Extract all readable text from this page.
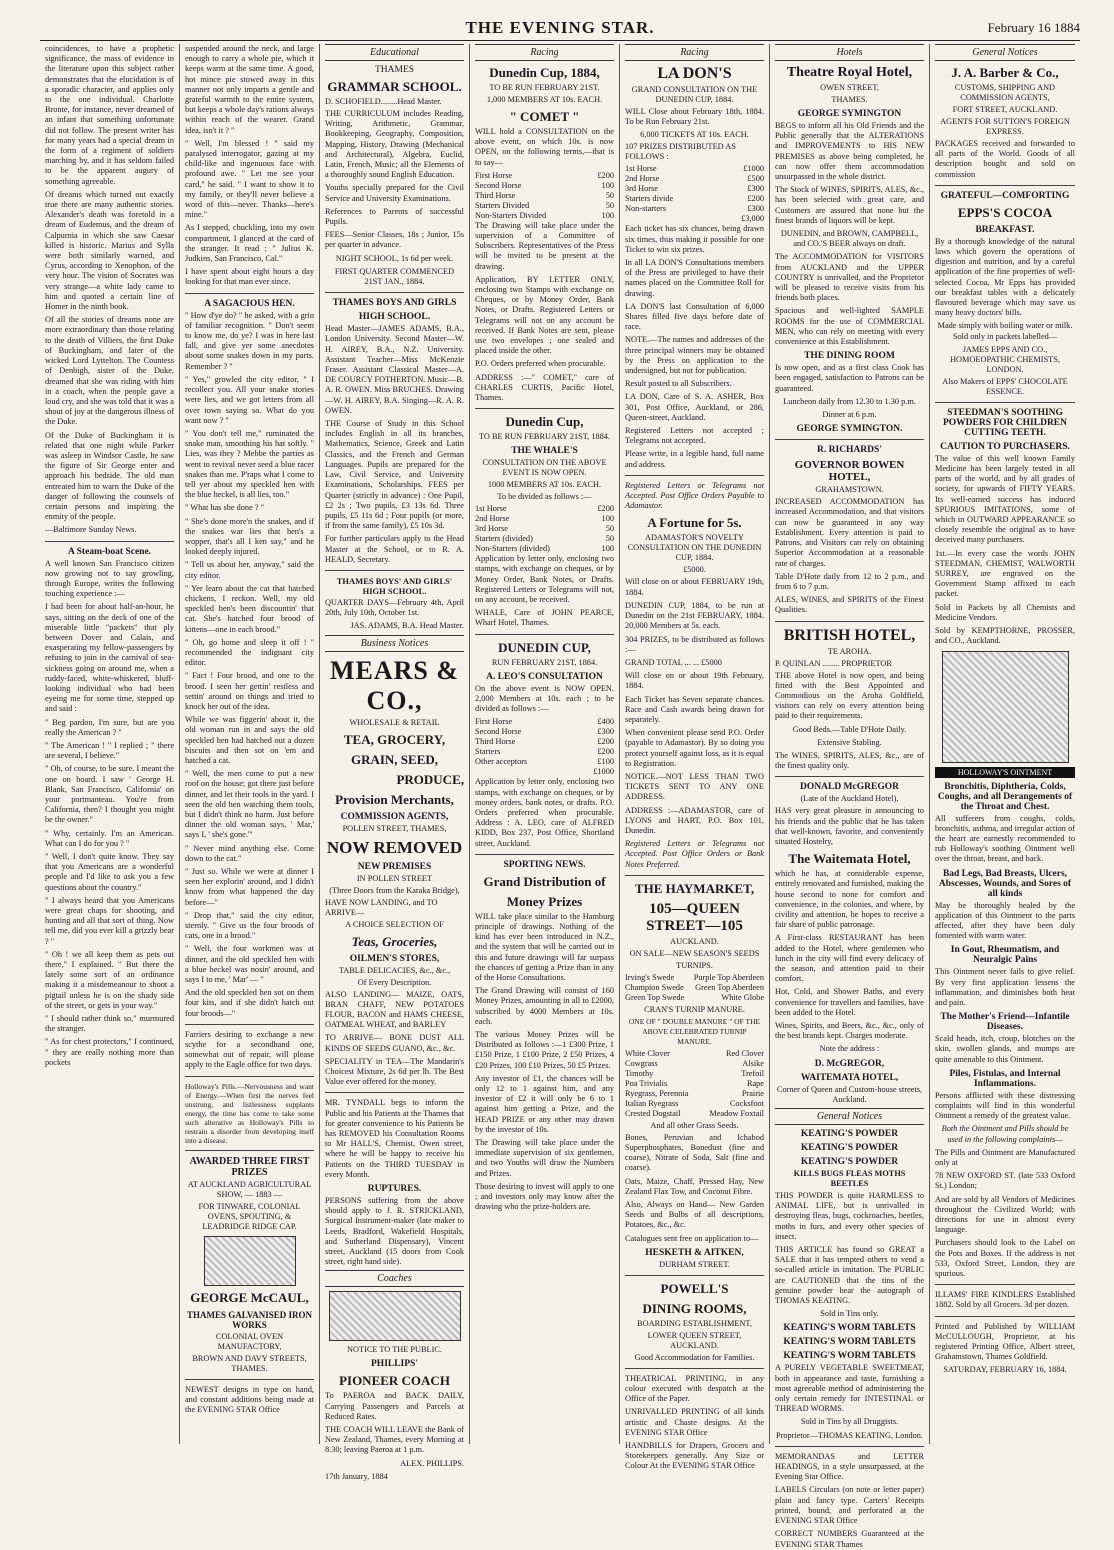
THE EVENING STAR.	February 16 1884

coincidences, to have a prophetic significance, the mass of evidence in the literature upon this subject rather demonstrates that the elucidation is of a sporadic character, and applies only to the one individual. Charlotte Bronte, for instance, never dreamed of an infant that something unfortunate did not follow. The present writer has for many years had a special dream in the form of a regiment of soldiers marching by, and it has seldom failed to be the apparent augury of something agreeable.

Of dreams which turned out exactly true there are many authentic stories. Alexander's death was foretold in a dream of Eudemus, and the dream of Calpurnia in which she saw Caesar killed is historic. Marius and Sylla were both similarly warned, and Cyrus, according to Xenophon, of the very hour. The vision of Socrates was very strange—a white lady came to him and quoted a certain line of Homer in the ninth book.

Of all the stories of dreams none are more extraordinary than those relating to the death of Villiers, the first Duke of Buckingham, and later of the wicked Lord Lyttelton. The Countess of Denbigh, sister of the Duke, dreamed that she was riding with him in a coach, when the people gave a loud cry, and she was told that it was a shout of joy at the dangerous illness of the Duke.

Of the Duke of Buckingham it is related that one night while Parker was asleep in Windsor Castle, he saw the figure of Sir George enter and approach his bedside. The old man entreated him to warn the Duke of the danger of following the counsels of certain persons and inspiring the enmity of the people.

—Baltimore Sunday News.

A Steam-boat Scene.

A well known San Francisco citizen now growing not to say growling, through Europe, writes the following touching experience :—

I had been for about half-an-hour, he says, sitting on the deck of one of the miserable little "packets" that ply between Dover and Calais, and exasperating my fellow-passengers by refusing to join in the carnival of sea-sickness going on around me, when a ruddy-faced, white-whiskered, bluff-looking individual who had been eyeing me for some time, stepped up and said :

" Beg pardon, I'm sure, but are you really the American ? "

" The American ! " I replied ; " there are several, I believe."

" Oh, of course, to be sure. I meant the one on board. I saw ' George H. Blank, San Francisco, California' on your portmanteau. You're from California, then? I thought you might be the owner."

" Why, certainly. I'm an American. What can I do for you ? "

" Well, I don't quite know. They say that you Americans are a wonderful people and I'd like to ask you a few questions about the country."

" I always heard that you Americans were great chaps for shooting, and hunting and all that sort of thing. Now tell me, did you ever kill a grizzly bear ? "

" Oh ! we all keep them as pets out there," I explained. " But there the lately some sort of an ordinance making it a misdemeanour to shoot a pigtail unless he is on the shady side of the street, or gets in your way."

" I should rather think so," murmured the stranger.

" As for chest protectors," I continued, " they are really nothing more than pockets

suspended around the neck, and large enough to carry a whole pie, which it keeps warm at the same time. A good, hot mince pie stowed away in this manner not only imparts a gentle and grateful warmth to the entire system, but keeps a whole day's rations always within reach of the wearer. Grand idea, isn't it ? "

" Well, I'm blessed ! " said my paralysed interrogator, gazing at my child-like and ingenuous face with profound awe. " Let me see your card," he said. " I want to show it to my family, or they'll never believe a word of this—never. Thanks—here's mine."

As I stepped, chuckling, into my own compartment, I glanced at the card of the stranger. It read : " Julius K. Judkins, San Francisco, Cal."

I have spent about eight hours a day looking for that man ever since.

A SAGACIOUS HEN.

" How d'ye do? " he asked, with a grin of familiar recognition. " Don't seem to know me, do ye? I was in here last fall, and give yer some anecdotes about some snakes down in my parts. Remember ? "

" Yes," growled the city editor, " I recollect you. All your snake stories were lies, and we got letters from all over town saying so. What do you want now ? "

" You don't tell me," ruminated the snake man, smoothing his hat softly. " Lies, was they ? Mebbe the parties as went to revival never seed a blue racer snakes than me. P'raps what I come to tell yer about my speckled hen with the blue heckel, is all lies, too."

" What has she done ? "

" She's done more'n the snakes, and if the snakes war lies that hen's a wopper, that's all I ken say," and he looked deeply injured.

" Tell us about her, anyway," said the city editor.

" Yer learn about the cat that hatched chickens, I reckon. Well, my old speckled hen's been discountin' that cat. She's hatched four brood of kittens—one in each brood."

" Oh, go home and sleep it off ! " recommended the indignant city editor.

" Fact ! Four brood, and one to the brood. I seen her gettin' restless and settin' around on things and tried to knock her out of the idea.

While we was figgerin' about it, the old woman run in and says the old speckled hen had hatched out a dozen biscuits and then sot on 'em and hatched a cat.

" Well, the men come to put a new roof on the house; got there just before dinner, and let their tools in the yard. I seen the old hen watching them tools, but I didn't think no harm. Just before dinner the old woman says, ' Mar,' says I, ' she's gone.'"

" Never mind anything else. Come down to the cat."

" Just so. While we were at dinner I seen her explorin' around, and I didn't know from what happened the day before—"

" Drop that," said the city editor, sternly. " Give us the four broods of cats, one in a brood."

" Well, the four workmen was at dinner, and the old speckled hen with a blue heckel was nosin' around, and says I to me, ' Mar' — "

And the old speckled hen sot on them four kits, and if she didn't hatch out four broods—"

Farriers desiring to exchange a new scythe for a secondhand one, somewhat out of repair, will please apply to the Eagle office for two days.

Holloway's Pills.—Nervousness and want of Energy.—When first the nerves feel unstrung, and listlessness supplants energy, the time has come to take some such alterative as Holloway's Pills to restrain a disorder from developing itself into a disease.

AWARDED THREE FIRST PRIZES
AT AUCKLAND AGRICULTURAL SHOW, — 1883 —
FOR TINWARE, COLONIAL OVENS, SPOUTING, & LEADRIDGE RIDGE CAP.
GEORGE McCAUL,
THAMES GALVANISED IRON WORKS
COLONIAL OVEN MANUFACTORY,
BROWN AND DAVY STREETS, THAMES.

NEWEST designs in type on hand, and constant additions being made at the EVENING STAR Office

Educational
THAMES
GRAMMAR SCHOOL.
D. SCHOFIELD........Head Master.

THE CURRICULUM includes Reading, Writing, Arithmetic, Grammar, Bookkeeping, Geography, Composition, Mapping, History, Drawing (Mechanical and Architectural), Algebra, Euclid, Latin, French, Music; all the Elements of a thoroughly sound English Education.

Youths specially prepared for the Civil Service and University Examinations.

References to Parents of successful Pupils.

FEES—Senior Classes, 18s ; Junior, 15s per quarter in advance.

NIGHT SCHOOL, 1s 6d per week.

FIRST QUARTER COMMENCED 21ST JAN., 1884.

THAMES BOYS AND GIRLS
HIGH SCHOOL.

Head Master—JAMES ADAMS, B.A., London University. Second Master—W. H. AIREY, B.A., N.Z. University. Assistant Teacher—Miss McKenzie Fraser. Assistant Classical Master—A. DE COURCY FOTHERTON. Music—B. A. R. OWEN. Miss BRUCHES. Drawing—W. H. AIREY, B.A. Singing—R. A. R. OWEN.

THE Course of Study in this School includes English in all its branches, Mathematics, Science, Greek and Latin Classics, and the French and German Languages. Pupils are prepared for the Law, Civil Service, and University Examinations, Scholarships. FEES per Quarter (strictly in advance) : One Pupil, £2 2s ; Two pupils, £3 13s 6d. Three pupils, £5 11s 6d ; Four pupils (or more, if from the same family), £5 10s 3d.

For further particulars apply to the Head Master at the School, or to R. A. HEALD, Secretary.

THAMES BOYS' AND GIRLS' HIGH SCHOOL.

QUARTER DAYS—February 4th, April 20th, July 10th, October 1st.

JAS. ADAMS, B.A. Head Master.

Business Notices
MEARS & CO.,
WHOLESALE & RETAIL
TEA, GROCERY,
GRAIN, SEED,
PRODUCE,
Provision Merchants,
COMMISSION AGENTS,
POLLEN STREET, THAMES,
NOW REMOVED
NEW PREMISES
IN POLLEN STREET
(Three Doors from the Karaka Bridge),
HAVE NOW LANDING, and TO ARRIVE—
A CHOICE SELECTION OF
Teas, Groceries,
OILMEN'S STORES,
TABLE DELICACIES, &c., &c.,
Of Every Description.

ALSO LANDING— MAIZE, OATS, BRAN CHAFF, NEW POTATOES FLOUR, BACON and HAMS CHEESE, OATMEAL WHEAT, and BARLEY

TO ARRIVE— BONE DUST ALL KINDS OF SEEDS GUANO, &c., &c.

SPECIALITY in TEA—The Mandarin's Choicest Mixture, 2s 6d per lb. The Best Value ever offered for the money.

MR. TYNDALL begs to inform the Public and his Patients at the Thames that for greater convenience to his Patients he has REMOVED his Consultation Rooms to Mr HALL'S, Chemist, Owen street, where he will be happy to receive his Patients on the THIRD TUESDAY in every Month.

RUPTURES.

PERSONS suffering from the above should apply to J. R. STRICKLAND, Surgical Instrument-maker (late maker to Leeds, Bradford, Wakefield Hospitals, and Sutherland Dispensary), Vincent street, Auckland (15 doors from Cook street, right hand side).

Coaches
NOTICE TO THE PUBLIC.
PHILLIPS'
PIONEER COACH

To PAEROA and BACK DAILY, Carrying Passengers and Parcels at Reduced Rates.

THE COACH WILL LEAVE the Bank of New Zealand, Thames, every Morning at 8.30; leaving Paeroa at 1 p.m.

ALEX. PHILLIPS.

17th January, 1884

Racing
Dunedin Cup, 1884,
TO BE RUN FEBRUARY 21ST.
1,000 MEMBERS AT 10s. EACH.
" COMET "

WILL hold a CONSULTATION on the above event, on which 10s. is now OPEN, on the following terms,—that is to say—

First Horse	£200
Second Horse	100
Third Horse	50
Starters Divided	50
Non-Starters Divided	100

The Drawing will take place under the supervision of a Committee of Subscribers. Representatives of the Press will be invited to be present at the drawing.

Application, BY LETTER ONLY, enclosing two Stamps with exchange on Cheques, or by Money Order, Bank Notes, or Drafts. Registered Letters or Telegrams will not on any account be received. If Bank Notes are sent, please use two envelopes ; one sealed and placed inside the other.

P.O. Orders preferred when procurable.

ADDRESS :—" COMET," care of CHARLES CURTIS, Pacific Hotel, Thames.

Dunedin Cup,
TO BE RUN FEBRUARY 21ST, 1884.
THE WHALE'S
CONSULTATION ON THE ABOVE EVENT IS NOW OPEN.
1000 MEMBERS AT 10s. EACH.
To be divided as follows :—
1st Horse	£200
2nd Horse	100
3rd Horse	50
Starters (divided)	50
Non-Starters (divided)	100

Application by letter only, enclosing two stamps, with exchange on cheques, or by Money Order, Bank Notes, or Drafts. Registered Letters or Telegrams will not, on any account, be received.

WHALE, Care of JOHN PEARCE, Wharf Hotel, Thames.

DUNEDIN CUP,
RUN FEBRUARY 21ST, 1884.
A. LEO'S CONSULTATION

On the above event is NOW OPEN. 2,000 Members at 10s. each ; to be divided as follows :—

First Horse	£400
Second Horse	£300
Third Horse	£200
Starters	£200
Other acceptors	£100
£1000

Application by letter only, enclosing two stamps, with exchange on cheques, or by money orders, bank notes, or drafts. P.O. Orders preferred when procurable. Address : A. LEO, care of ALFRED KIDD, Box 237, Post Office, Shortland street, Auckland.

SPORTING NEWS.
Grand Distribution of
Money Prizes

WILL take place similar to the Hamburg principle of drawings. Nothing of the kind has ever been introduced in N.Z., and the system that will be carried out in this and future drawings will far surpass the chances of getting a Prize than in any of the Horse Consultations.

The Grand Drawing will consist of 160 Money Prizes, amounting in all to £2000, subscribed by 4000 Members at 10s. each.

The various Money Prizes will be Distributed as follows :—1 £300 Prize, 1 £150 Prize, 1 £100 Prize, 2 £50 Prizes, 4 £20 Prizes, 100 £10 Prizes, 50 £5 Prizes.

Any investor of £1, the chances will be only 12 to 1 against him, and any investor of £2 it will only be 6 to 1 against him getting a Prize, and the HEAD PRIZE or any other may drawn by the investor of 10s.

The Drawing will take place under the immediate supervision of six gentlemen, and two Youths will draw the Numbers and Prizes.

Those desiring to invest will apply to one ; and investors only may know after the drawing who the prize-holders are.

Racing
LA DON'S
GRAND CONSULTATION ON THE DUNEDIN CUP, 1884.

WILL Close about February 18th, 1884. To be Run February 21st.

6,000 TICKETS AT 10s. EACH.
107 PRIZES DISTRIBUTED AS FOLLOWS :
1st Horse	£1000
2nd Horse	£500
3rd Horse	£300
Starters divide	£200
Non-starters	£300
£3,000

Each ticket has six chances, being drawn six times, thus making it possible for one Ticket to win six prizes.

In all LA DON'S Consultations members of the Press are privileged to have their names placed on the Committee Roll for drawing.

LA DON'S last Consultation of 6,000 Shares filled five days before date of race.

NOTE.—The names and addresses of the three principal winners may be obtained by the Press on application to the undersigned, but not for publication.

Result posted to all Subscribers.

LA DON, Care of S. A. ASHER, Box 301, Post Office, Auckland, or 286, Queen-street, Auckland.

Registered Letters not accepted ; Telegrams not accepted.

Please write, in a legible hand, full name and address.

Registered Letters or Telegrams not Accepted. Post Office Orders Payable to Adamastor.

A Fortune for 5s.
ADAMASTOR'S NOVELTY CONSULTATION ON THE DUNEDIN CUP, 1884.
£5000.

Will close on or about FEBRUARY 19th, 1884.

DUNEDIN CUP, 1884, to be run at Dunedin on the 21st FEBRUARY, 1884. 20,000 Members at 5s. each.

304 PRIZES, to be distributed as follows :—

GRAND TOTAL ... ... £5000

Will close on or about 19th February, 1884.

Each Ticket has Seven separate chances. Race and Cash awards being drawn for separately.

When convenient please send P.O. Order (payable to Adamastor). By so doing you protect yourself against loss, as it is equal to Registration.

NOTICE.—NOT LESS THAN TWO TICKETS SENT TO ANY ONE ADDRESS.

ADDRESS :—ADAMASTOR, care of LYONS and HART, P.O. Box 101, Dunedin.

Registered Letters or Telegrams not Accepted. Post Office Orders or Bank Notes Preferred.

THE HAYMARKET,
105—QUEEN STREET—105
AUCKLAND.
ON SALE—NEW SEASON'S SEEDS
TURNIPS.
Irving's Swede Purple Top Aberdeen
Champion Swede Green Top Aberdeen
Green Top Swede	White Globe
CRAN'S TURNIP MANURE.
ONE OF " DOUBLE MANURE " OF THE ABOVE CELEBRATED TURNIP MANURE.
White Clover	Red Clover
Cowgrass	Alsike
Timothy	Trefoil
Poa Trivialis	Rape
Ryegrass, Perennia	Prairie
Italian Ryegrass	Cocksfoot
Crested Dogstail	Meadow Foxtail
And all other Grass Seeds.

Bones, Peruvian and Ichabod Superphosphates, Bonedust (fine and coarse), Nitrate of Soda, Salt (fine and coarse).

Oats, Maize, Chaff, Pressed Hay, New Zealand Flax Tow, and Coconut Fibre.

Also, Always on Hand— New Garden Seeds and Bulbs of all descriptions, Potatoes, &c., &c.

Catalogues sent free on application to—

HESKETH & AITKEN,
DURHAM STREET.
POWELL'S
DINING ROOMS,
BOARDING ESTABLISHMENT,
LOWER QUEEN STREET, AUCKLAND.
Good Accommodation for Families.

THEATRICAL PRINTING, in any colour executed with despatch at the Office of the Paper.

UNRIVALLED PRINTING of all kinds artistic and Chaste designs. At the EVENING STAR Office

HANDBILLS for Drapers, Grocers and Storekeepers generally. Any Size or Colour At the EVENING STAR Office

Hotels
Theatre Royal Hotel,
OWEN STREET,
THAMES.
GEORGE SYMINGTON

BEGS to inform all his Old Friends and the Public generally that the ALTERATIONS and IMPROVEMENTS to HIS NEW PREMISES as above being completed, he can now offer them accommodation unsurpassed in the whole district.

The Stock of WINES, SPIRITS, ALES, &c., has been selected with great care, and Customers are assured that none but the finest brands of liquors will be kept.

DUNEDIN, and BROWN, CAMPBELL, and CO.'S BEER always on draft.

The ACCOMMODATION for VISITORS from AUCKLAND and the UPPER COUNTRY is unrivalled, and the Proprietor will be pleased to receive visits from his friends both places.

Spacious and well-lighted SAMPLE ROOMS for the use of COMMERCIAL MEN, who can rely on meeting with every convenience at this Establishment.

THE DINING ROOM

Is now open, and as a first class Cook has been engaged, satisfaction to Patrons can be guaranteed.

Luncheon daily from 12.30 to 1.30 p.m.

Dinner at 6 p.m.

GEORGE SYMINGTON.
R. RICHARDS'
GOVERNOR BOWEN HOTEL,
GRAHAMSTOWN.

INCREASED ACCOMMODATION has increased Accommodation, and that visitors can now be guaranteed in any way Establishment. Every attention is paid to Patrons, and Visitors can rely on obtaining Superior Accommodation at a reasonable rate of charges.

Table D'Hote daily from 12 to 2 p.m., and from 6 to 7 p.m.

ALES, WINES, and SPIRITS of the Finest Qualities.

BRITISH HOTEL,
TE AROHA.
P. QUINLAN ........ PROPRIETOR

THE above Hotel is now open, and being fitted with the Best Appointed and Commodious on the Aroha Goldfield, visitors can rely on every attention being paid to their requirements.

Good Beds.—Table D'Hote Daily.

Extensive Stabling.

The WINES, SPIRITS, ALES, &c., are of the finest quality only.

DONALD McGREGOR
(Late of the Auckland Hotel),

HAS very great pleasure in announcing to his friends and the public that he has taken that well-known, favorite, and conveniently situated Hostelry,

The Waitemata Hotel,

which he has, at considerable expense, entirely renovated and furnished, making the house second to none for comfort and convenience, in the colonies, and where, by civility and attention, he hopes to receive a fair share of public patronage.

A First-class RESTAURANT has been added to the Hotel, where gentlemen who lunch in the city will find every delicacy of the season, and attention paid to their comfort.

Hot, Cold, and Shower Baths, and every convenience for travellers and families, have been added to the Hotel.

Wines, Spirits, and Beers, &c., &c., only of the best brands kept. Charges moderate.

Note the address :

D. McGREGOR,
WAITEMATA HOTEL,

Corner of Queen and Custom-house streets, Auckland.

General Notices
KEATING'S POWDER
KEATING'S POWDER
KEATING'S POWDER
KILLS BUGS FLEAS MOTHS BEETLES

THIS POWDER is quite HARMLESS to ANIMAL LIFE, but is unrivalled in destroying fleas, bugs, cockroaches, beetles, moths in furs, and every other species of insect.

THIS ARTICLE has found so GREAT a SALE that it has tempted others to vend a so-called article in imitation. The PUBLIC are CAUTIONED that the tins of the genuine powder bear the autograph of THOMAS KEATING.

Sold in Tins only.

KEATING'S WORM TABLETS
KEATING'S WORM TABLETS
KEATING'S WORM TABLETS

A PURELY VEGETABLE SWEETMEAT, both in appearance and taste, furnishing a most agreeable method of administering the only certain remedy for INTESTINAL or THREAD WORMS.

Sold in Tins by all Druggists.

Proprietor—THOMAS KEATING, London.

MEMORANDAS and LETTER HEADINGS, in a style unsurpassed, at the Evening Star Office.

LABELS Circulars (on note or letter paper) plain and fancy type. Carters' Receipts printed, bound, and perforated at the EVENING STAR Office

CORRECT NUMBERS Guaranteed at the EVENING STAR Thames

General Notices
J. A. Barber & Co.,
CUSTOMS, SHIPPING AND COMMISSION AGENTS,
FORT STREET, AUCKLAND.
AGENTS FOR SUTTON'S FOREIGN EXPRESS.

PACKAGES received and forwarded to all parts of the World. Goods of all description bought and sold on commission

GRATEFUL—COMFORTING
EPPS'S COCOA
BREAKFAST.

By a thorough knowledge of the natural laws which govern the operations of digestion and nutrition, and by a careful application of the fine properties of well-selected Cocoa, Mr Epps has provided our breakfast tables with a delicately flavoured beverage which may save us many heavy doctors' bills.

Made simply with boiling water or milk. Sold only in packets labelled—

JAMES EPPS AND CO., HOMOEOPATHIC CHEMISTS, LONDON.
Also Makers of EPPS' CHOCOLATE ESSENCE.
STEEDMAN'S SOOTHING POWDERS FOR CHILDREN CUTTING TEETH.
CAUTION TO PURCHASERS.

The value of this well known Family Medicine has been largely tested in all parts of the world, and by all grades of society, for upwards of FIFTY YEARS. Its well-earned success has induced SPURIOUS IMITATIONS, some of which in OUTWARD APPEARANCE so closely resemble the original as to have deceived many purchasers.

1st.—In every case the words JOHN STEEDMAN, CHEMIST, WALWORTH SURREY, are engraved on the Government Stamp affixed to each packet.

Sold in Packets by all Chemists and Medicine Vendors.

Sold by KEMPTHORNE, PROSSER, and CO., Auckland.

HOLLOWAY'S OINTMENT
Bronchitis, Diphtheria, Colds, Coughs, and all Derangements of the Throat and Chest.

All sufferers from coughs, colds, bronchitis, asthma, and irregular action of the heart are earnestly recommended to rub Holloway's soothing Ointment well over the throat, breast, and back.

Bad Legs, Bad Breasts, Ulcers, Abscesses, Wounds, and Sores of all kinds

May be thoroughly healed by the application of this Ointment to the parts affected, after they have been duly fomented with warm water.

In Gout, Rheumatism, and Neuralgic Pains

This Ointment never fails to give relief. By very first application lessens the inflammation, and diminishes both heat and pain.

The Mother's Friend—Infantile Diseases.

Scald heads, itch, croup, blotches on the skin, swollen glands, and mumps are quite amenable to this Ointment.

Piles, Fistulas, and Internal Inflammations.

Persons afflicted with these distressing complaints will find in this wonderful Ointment a remedy of the greatest value.

Both the Ointment and Pills should be used in the following complaints—

The Pills and Ointment are Manufactured only at

78 NEW OXFORD ST. (late 533 Oxford St.) London;

And are sold by all Vendors of Medicines throughout the Civilized World; with directions for use in almost every language.

Purchasers should look to the Label on the Pots and Boxes. If the address is not 533, Oxford Street, London, they are spurious.

ILLAMS' FIRE KINDLERS Established 1882. Sold by all Grocers. 3d per dozen.

Printed and Published by WILLIAM McCULLOUGH, Proprietor, at his registered Printing Office, Albert street, Grahamstown, Thames Goldfield.

SATURDAY, FEBRUARY 16, 1884.
